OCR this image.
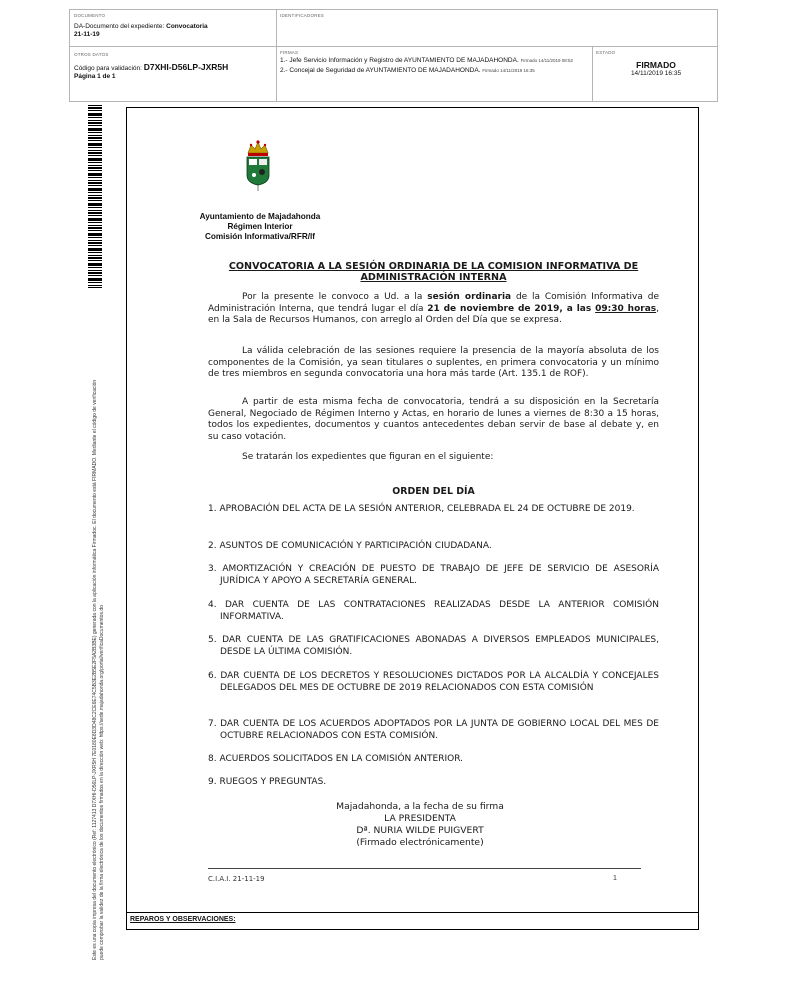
DOCUMENTO
DA-Documento del expediente: Convocatoria
21-11-19
IDENTIFICADORES
OTROS DATOS
Código para validación: D7XHI-D56LP-JXR5H
Página 1 de 1
FIRMAS
1.- Jefe Servicio Información y Registro de AYUNTAMIENTO DE MAJADAHONDA. Firmado 14/11/2019 08:52
2.- Concejal de Seguridad de AYUNTAMIENTO DE MAJADAHONDA. Firmado 14/11/2019 16:35
ESTADO
FIRMADO
14/11/2019 16:35
Este es una copia impresa del documento electrónico (Ref: 1127413 D7XHI-D56LP-JXR5H 7E0180E8D3D48C2CE6E74C5B3E2B5E2F5A2B3BE) generada con la aplicación informática Firmadoc. El documento está FIRMADO. Mediante el código de verificación puede comprobar la validez de la firma electrónica de los documentos firmados en la dirección web: https://sede.majadahonda.org/portal/verificaDocumentos.do	REPAROS Y OBSERVACIONES:
Ayuntamiento de Majadahonda
Régimen Interior
Comisión Informativa/RFR/lf
CONVOCATORIA A LA SESIÓN ORDINARIA DE LA COMISION INFORMATIVA DE ADMINISTRACIÓN INTERNA
Por la presente le convoco a Ud. a la sesión ordinaria de la Comisión Informativa de Administración Interna, que tendrá lugar el día 21 de noviembre de 2019, a las 09:30 horas, en la Sala de Recursos Humanos, con arreglo al Orden del Día que se expresa.
La válida celebración de las sesiones requiere la presencia de la mayoría absoluta de los componentes de la Comisión, ya sean titulares o suplentes, en primera convocatoria y un mínimo de tres miembros en segunda convocatoria una hora más tarde (Art. 135.1 de ROF).
A partir de esta misma fecha de convocatoria, tendrá a su disposición en la Secretaría General, Negociado de Régimen Interno y Actas, en horario de lunes a viernes de 8:30 a 15 horas, todos los expedientes, documentos y cuantos antecedentes deban servir de base al debate y, en su caso votación.
Se tratarán los expedientes que figuran en el siguiente:
ORDEN DEL DÍA
1. APROBACIÓN DEL ACTA DE LA SESIÓN ANTERIOR, CELEBRADA EL 24 DE OCTUBRE DE 2019.
2. ASUNTOS DE COMUNICACIÓN Y PARTICIPACIÓN CIUDADANA.
3. AMORTIZACIÓN Y CREACIÓN DE PUESTO DE TRABAJO DE JEFE DE SERVICIO DE ASESORÍA JURÍDICA Y APOYO A SECRETARÍA GENERAL.
4. DAR CUENTA DE LAS CONTRATACIONES REALIZADAS DESDE LA ANTERIOR COMISIÓN INFORMATIVA.
5. DAR CUENTA DE LAS GRATIFICACIONES ABONADAS A DIVERSOS EMPLEADOS MUNICIPALES, DESDE LA ÚLTIMA COMISIÓN.
6. DAR CUENTA DE LOS DECRETOS Y RESOLUCIONES DICTADOS POR LA ALCALDÍA Y CONCEJALES DELEGADOS DEL MES DE OCTUBRE DE 2019 RELACIONADOS CON ESTA COMISIÓN
7. DAR CUENTA DE LOS ACUERDOS ADOPTADOS POR LA JUNTA DE GOBIERNO LOCAL DEL MES DE OCTUBRE RELACIONADOS CON ESTA COMISIÓN.
8. ACUERDOS SOLICITADOS EN LA COMISIÓN ANTERIOR.
9. RUEGOS Y PREGUNTAS.
Majadahonda, a la fecha de su firma
LA PRESIDENTA
Dª. NURIA WILDE PUIGVERT
(Firmado electrónicamente)
C.I.A.I. 21-11-19	1
